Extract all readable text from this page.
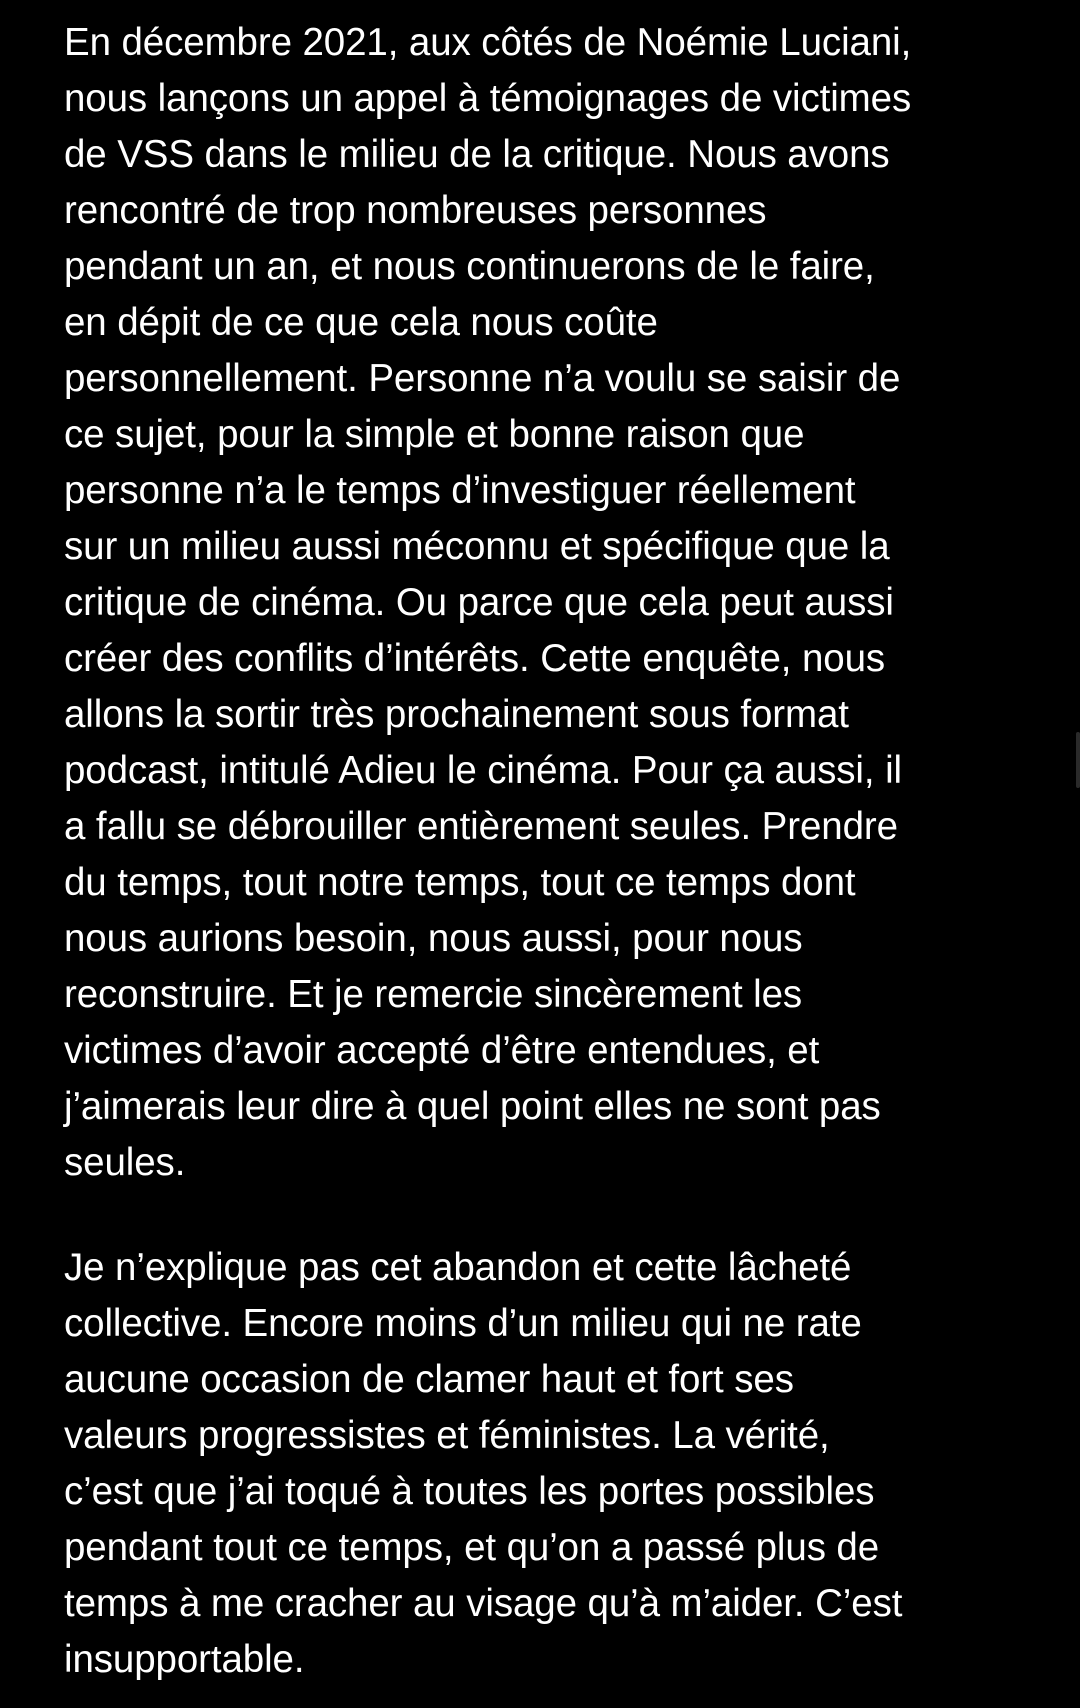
En décembre 2021, aux côtés de Noémie Luciani,
nous lançons un appel à témoignages de victimes
de VSS dans le milieu de la critique. Nous avons
rencontré de trop nombreuses personnes
pendant un an, et nous continuerons de le faire,
en dépit de ce que cela nous coûte
personnellement. Personne n’a voulu se saisir de
ce sujet, pour la simple et bonne raison que
personne n’a le temps d’investiguer réellement
sur un milieu aussi méconnu et spécifique que la
critique de cinéma. Ou parce que cela peut aussi
créer des conflits d’intérêts. Cette enquête, nous
allons la sortir très prochainement sous format
podcast, intitulé Adieu le cinéma. Pour ça aussi, il
a fallu se débrouiller entièrement seules. Prendre
du temps, tout notre temps, tout ce temps dont
nous aurions besoin, nous aussi, pour nous
reconstruire. Et je remercie sincèrement les
victimes d’avoir accepté d’être entendues, et
j’aimerais leur dire à quel point elles ne sont pas
seules.
Je n’explique pas cet abandon et cette lâcheté
collective. Encore moins d’un milieu qui ne rate
aucune occasion de clamer haut et fort ses
valeurs progressistes et féministes. La vérité,
c’est que j’ai toqué à toutes les portes possibles
pendant tout ce temps, et qu’on a passé plus de
temps à me cracher au visage qu’à m’aider. C’est
insupportable.
